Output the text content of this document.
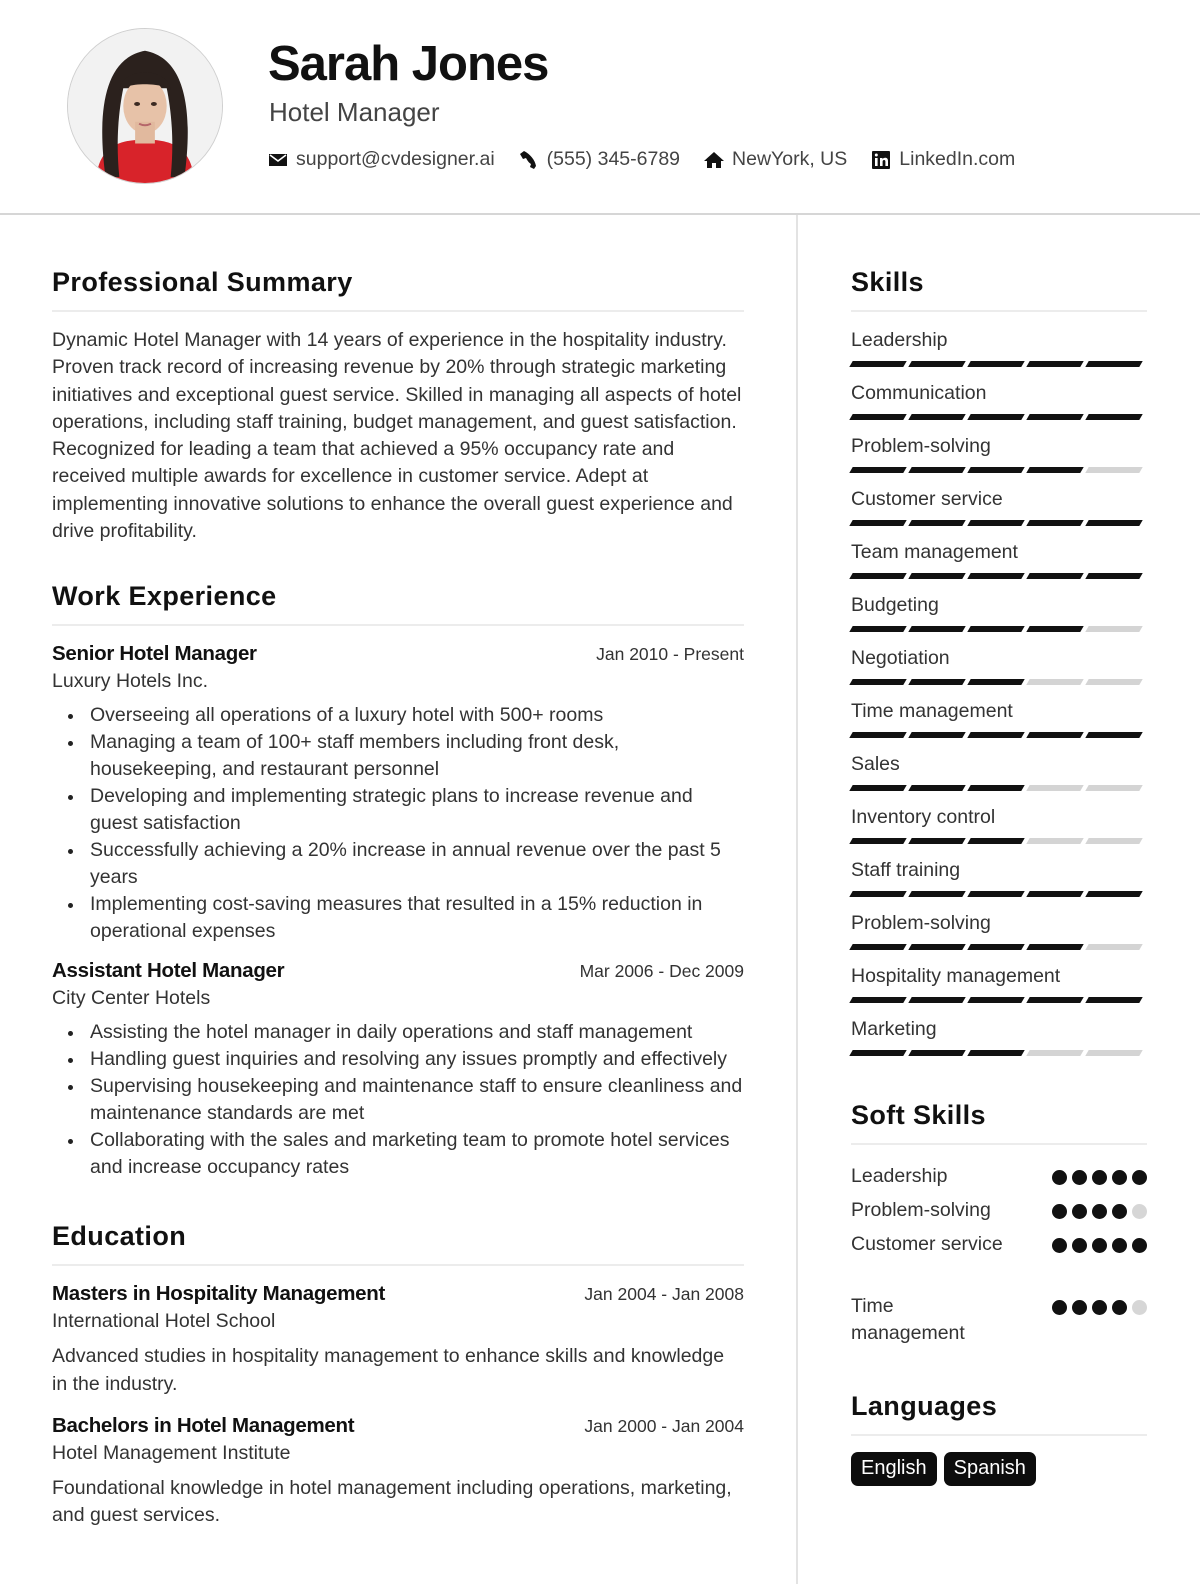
Sarah Jones
Hotel Manager
support@cvdesigner.ai	(555) 345-6789	NewYork, US	LinkedIn.com
Professional Summary

Dynamic Hotel Manager with 14 years of experience in the hospitality industry. Proven track record of increasing revenue by 20% through strategic marketing initiatives and exceptional guest service. Skilled in managing all aspects of hotel operations, including staff training, budget management, and guest satisfaction. Recognized for leading a team that achieved a 95% occupancy rate and received multiple awards for excellence in customer service. Adept at implementing innovative solutions to enhance the overall guest experience and drive profitability.

Work Experience
Senior Hotel Manager	Jan 2010 - Present
Luxury Hotels Inc.
Overseeing all operations of a luxury hotel with 500+ rooms
Managing a team of 100+ staff members including front desk, housekeeping, and restaurant personnel
Developing and implementing strategic plans to increase revenue and guest satisfaction
Successfully achieving a 20% increase in annual revenue over the past 5 years
Implementing cost-saving measures that resulted in a 15% reduction in operational expenses
Assistant Hotel Manager	Mar 2006 - Dec 2009
City Center Hotels
Assisting the hotel manager in daily operations and staff management
Handling guest inquiries and resolving any issues promptly and effectively
Supervising housekeeping and maintenance staff to ensure cleanliness and maintenance standards are met
Collaborating with the sales and marketing team to promote hotel services and increase occupancy rates
Education
Masters in Hospitality Management	Jan 2004 - Jan 2008
International Hotel School

Advanced studies in hospitality management to enhance skills and knowledge in the industry.

Bachelors in Hotel Management	Jan 2000 - Jan 2004
Hotel Management Institute

Foundational knowledge in hotel management including operations, marketing, and guest services.

Skills
Leadership
Communication
Problem-solving
Customer service
Team management
Budgeting
Negotiation
Time management
Sales
Inventory control
Staff training
Problem-solving
Hospitality management
Marketing
Soft Skills
Leadership
Problem-solving
Customer service
Time management
Languages
English	Spanish
